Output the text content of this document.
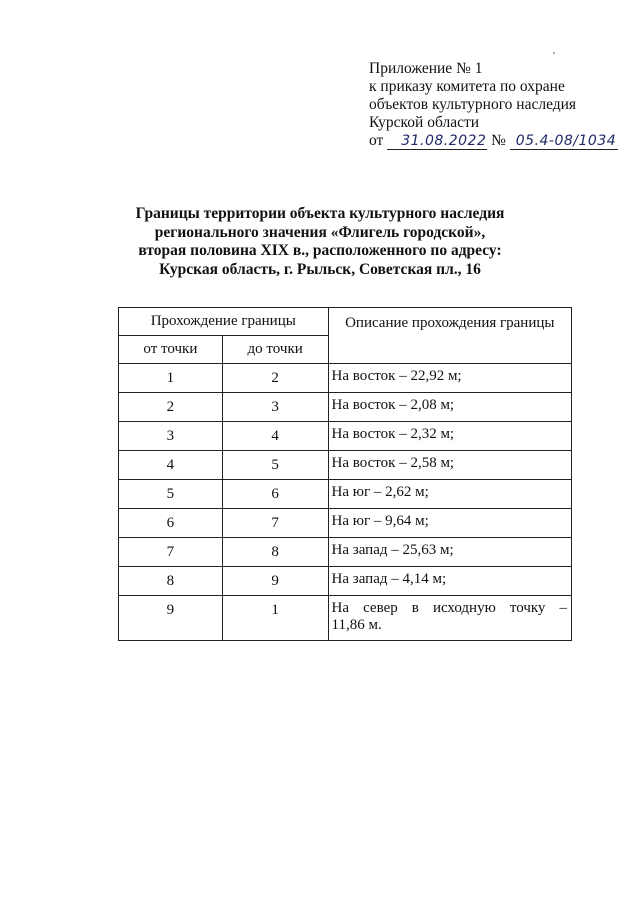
Приложение № 1
к приказу комитета по охране
объектов культурного наследия
Курской области
от 31.08.2022 № 05.4-08/1034
Границы территории объекта культурного наследия
регионального значения «Флигель городской»,
вторая половина XIX в., расположенного по адресу:
Курская область, г. Рыльск, Советская пл., 16
Прохождение границы		Описание прохождения границы
от точки	до точки	
1	2	На восток – 22,92 м;
2	3	На восток – 2,08 м;
3	4	На восток – 2,32 м;
4	5	На восток – 2,58 м;
5	6	На юг – 2,62 м;
6	7	На юг – 9,64 м;
7	8	На запад – 25,63 м;
8	9	На запад – 4,14 м;
9	1	На север в исходную точку –
11,86 м.
